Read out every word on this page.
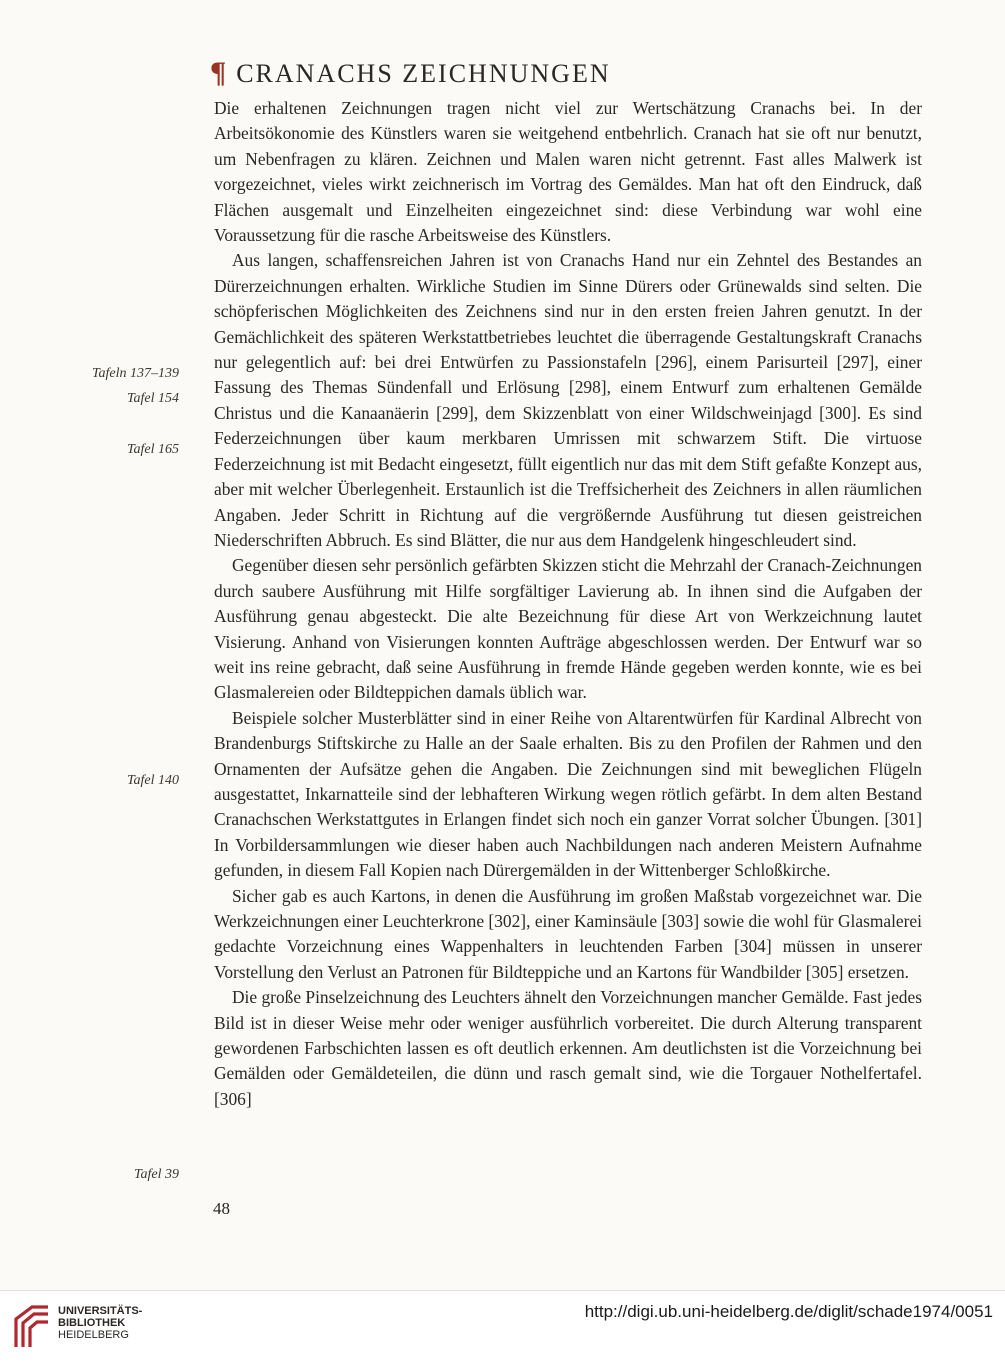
¶ CRANACHS ZEICHNUNGEN

Die erhaltenen Zeichnungen tragen nicht viel zur Wertschätzung Cranachs bei. In der Arbeitsökonomie des Künstlers waren sie weitgehend entbehrlich. Cranach hat sie oft nur benutzt, um Nebenfragen zu klären. Zeichnen und Malen waren nicht getrennt. Fast alles Malwerk ist vorgezeichnet, vieles wirkt zeichnerisch im Vortrag des Gemäldes. Man hat oft den Eindruck, daß Flächen ausgemalt und Einzelheiten eingezeichnet sind: diese Verbindung war wohl eine Voraussetzung für die rasche Arbeitsweise des Künstlers.

Aus langen, schaffensreichen Jahren ist von Cranachs Hand nur ein Zehntel des Bestandes an Dürerzeichnungen erhalten. Wirkliche Studien im Sinne Dürers oder Grünewalds sind selten. Die schöpferischen Möglichkeiten des Zeichnens sind nur in den ersten freien Jahren genutzt. In der Gemächlichkeit des späteren Werkstattbetriebes leuchtet die überragende Gestaltungskraft Cranachs nur gelegentlich auf: bei drei Entwürfen zu Passionstafeln [296], einem Parisurteil [297], einer Fassung des Themas Sündenfall und Erlösung [298], einem Entwurf zum erhaltenen Gemälde Christus und die Kanaanäerin [299], dem Skizzenblatt von einer Wildschweinjagd [300]. Es sind Federzeichnungen über kaum merkbaren Umrissen mit schwarzem Stift. Die virtuose Federzeichnung ist mit Bedacht eingesetzt, füllt eigentlich nur das mit dem Stift gefaßte Konzept aus, aber mit welcher Überlegenheit. Erstaunlich ist die Treffsicherheit des Zeichners in allen räumlichen Angaben. Jeder Schritt in Richtung auf die vergrößernde Ausführung tut diesen geistreichen Niederschriften Abbruch. Es sind Blätter, die nur aus dem Handgelenk hingeschleudert sind.

Gegenüber diesen sehr persönlich gefärbten Skizzen sticht die Mehrzahl der Cranach-Zeichnungen durch saubere Ausführung mit Hilfe sorgfältiger Lavierung ab. In ihnen sind die Aufgaben der Ausführung genau abgesteckt. Die alte Bezeichnung für diese Art von Werkzeichnung lautet Visierung. Anhand von Visierungen konnten Aufträge abgeschlossen werden. Der Entwurf war so weit ins reine gebracht, daß seine Ausführung in fremde Hände gegeben werden konnte, wie es bei Glasmalereien oder Bildteppichen damals üblich war.

Beispiele solcher Musterblätter sind in einer Reihe von Altarentwürfen für Kardinal Albrecht von Brandenburgs Stiftskirche zu Halle an der Saale erhalten. Bis zu den Profilen der Rahmen und den Ornamenten der Aufsätze gehen die Angaben. Die Zeichnungen sind mit beweglichen Flügeln ausgestattet, Inkarnatteile sind der lebhafteren Wirkung wegen rötlich gefärbt. In dem alten Bestand Cranachschen Werkstattgutes in Erlangen findet sich noch ein ganzer Vorrat solcher Übungen. [301] In Vorbildersammlungen wie dieser haben auch Nachbildungen nach anderen Meistern Aufnahme gefunden, in diesem Fall Kopien nach Dürergemälden in der Wittenberger Schloßkirche.

Sicher gab es auch Kartons, in denen die Ausführung im großen Maßstab vorgezeichnet war. Die Werkzeichnungen einer Leuchterkrone [302], einer Kaminsäule [303] sowie die wohl für Glasmalerei gedachte Vorzeichnung eines Wappenhalters in leuchtenden Farben [304] müssen in unserer Vorstellung den Verlust an Patronen für Bildteppiche und an Kartons für Wandbilder [305] ersetzen.

Die große Pinselzeichnung des Leuchters ähnelt den Vorzeichnungen mancher Gemälde. Fast jedes Bild ist in dieser Weise mehr oder weniger ausführlich vorbereitet. Die durch Alterung transparent gewordenen Farbschichten lassen es oft deutlich erkennen. Am deutlichsten ist die Vorzeichnung bei Gemälden oder Gemäldeteilen, die dünn und rasch gemalt sind, wie die Torgauer Nothelfertafel. [306]

Tafeln 137–139
Tafel 154
Tafel 165
Tafel 140
Tafel 39
48
UNIVERSITÄTS-
BIBLIOTHEK
HEIDELBERG
http://digi.ub.uni-heidelberg.de/diglit/schade1974/0051
